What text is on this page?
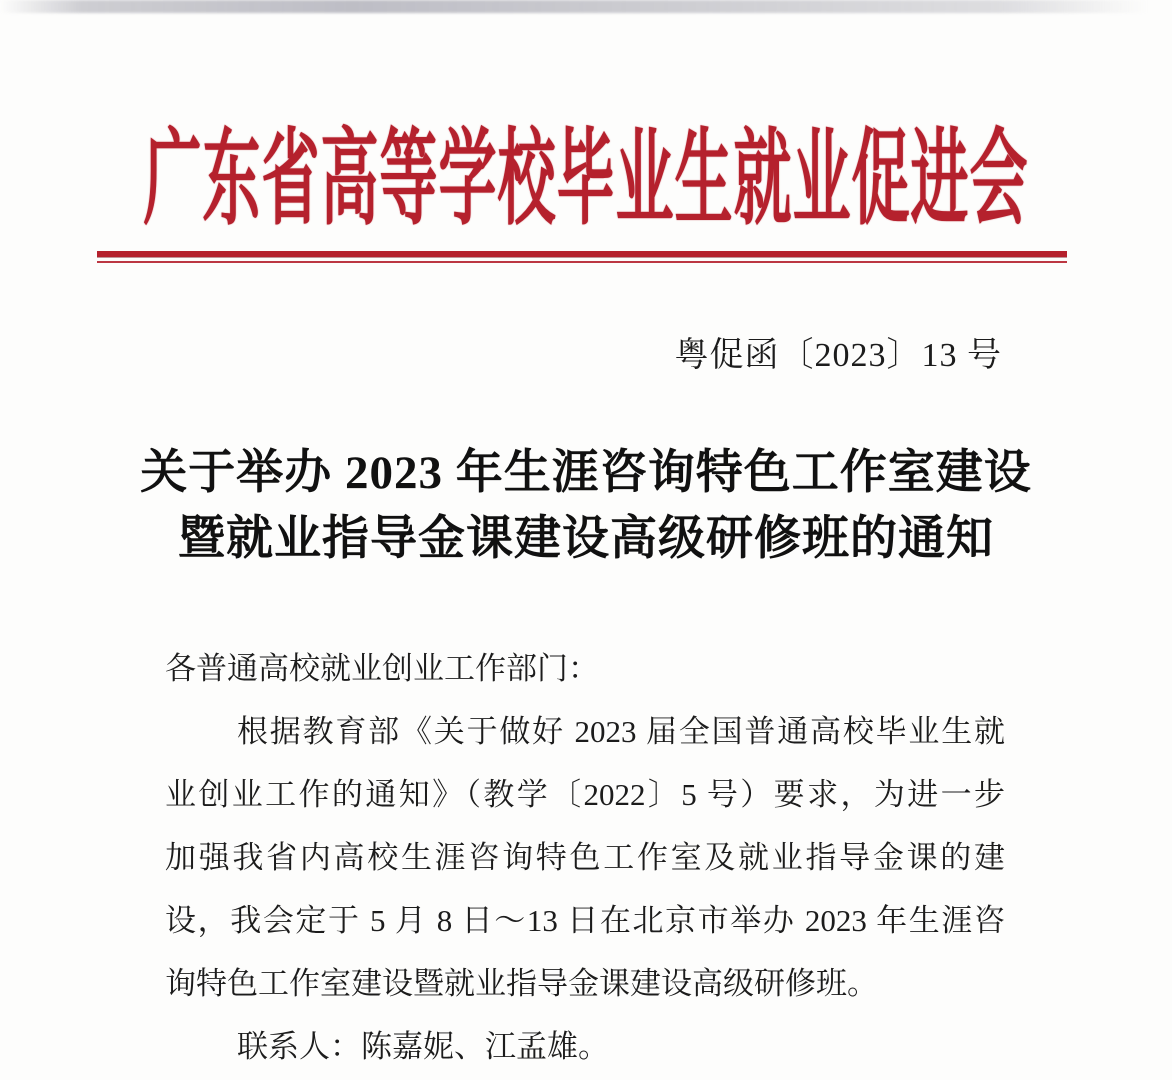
广东省高等学校毕业生就业促进会
粤促函〔2023〕13 号
关于举办 2023 年生涯咨询特色工作室建设
暨就业指导金课建设高级研修班的通知
各普通高校就业创业工作部门：
根据教育部《关于做好 2023 届全国普通高校毕业生就
业创业工作的通知》（教学〔2022〕5 号）要求，为进一步
加强我省内高校生涯咨询特色工作室及就业指导金课的建
设，我会定于 5 月 8 日～13 日在北京市举办 2023 年生涯咨
询特色工作室建设暨就业指导金课建设高级研修班。
联系人：陈嘉妮、江孟雄。
